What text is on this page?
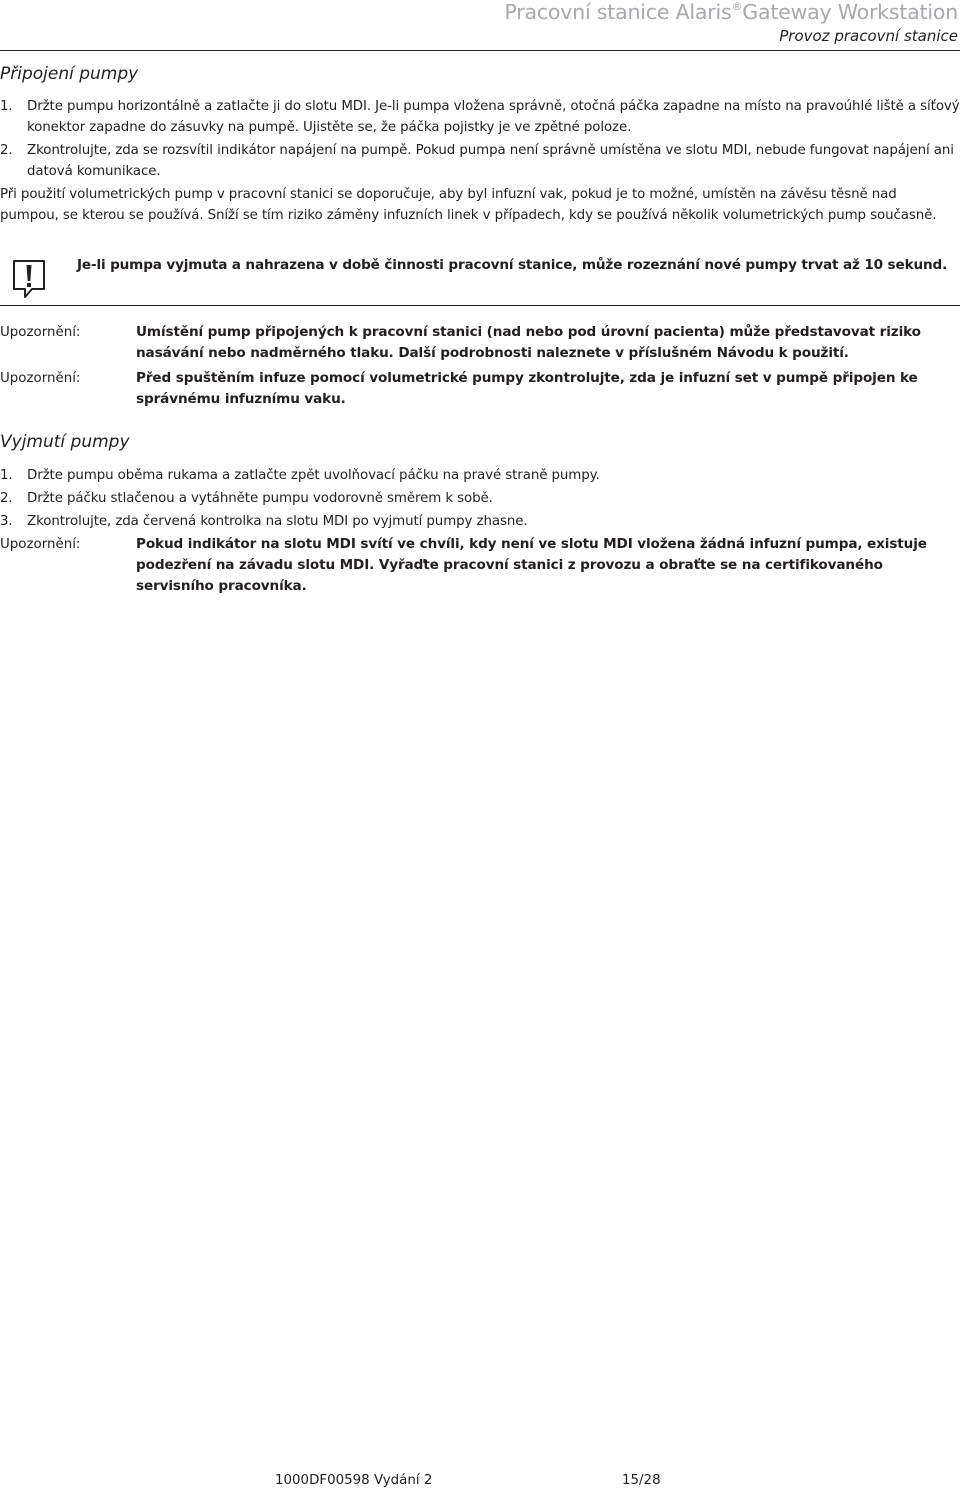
Pracovní stanice Alaris®Gateway Workstation
Provoz pracovní stanice
Připojení pumpy
1.	Držte pumpu horizontálně a zatlačte ji do slotu MDI. Je-li pumpa vložena správně, otočná páčka zapadne na místo na pravoúhlé liště a síťový konektor zapadne do zásuvky na pumpě. Ujistěte se, že páčka pojistky je ve zpětné poloze.
2.	Zkontrolujte, zda se rozsvítil indikátor napájení na pumpě. Pokud pumpa není správně umístěna ve slotu MDI, nebude fungovat napájení ani datová komunikace.
Při použití volumetrických pump v pracovní stanici se doporučuje, aby byl infuzní vak, pokud je to možné, umístěn na závěsu těsně nad pumpou, se kterou se používá. Sníží se tím riziko záměny infuzních linek v případech, kdy se používá několik volumetrických pump současně.
Je-li pumpa vyjmuta a nahrazena v době činnosti pracovní stanice, může rozeznání nové pumpy trvat až 10 sekund.
Upozornění:	Umístění pump připojených k pracovní stanici (nad nebo pod úrovní pacienta) může představovat riziko nasávání nebo nadměrného tlaku. Další podrobnosti naleznete v příslušném Návodu k použití.
Upozornění:	Před spuštěním infuze pomocí volumetrické pumpy zkontrolujte, zda je infuzní set v pumpě připojen ke správnému infuznímu vaku.
Vyjmutí pumpy
1.	Držte pumpu oběma rukama a zatlačte zpět uvolňovací páčku na pravé straně pumpy.
2.	Držte páčku stlačenou a vytáhněte pumpu vodorovně směrem k sobě.
3.	Zkontrolujte, zda červená kontrolka na slotu MDI po vyjmutí pumpy zhasne.
Upozornění:	Pokud indikátor na slotu MDI svítí ve chvíli, kdy není ve slotu MDI vložena žádná infuzní pumpa, existuje podezření na závadu slotu MDI. Vyřaďte pracovní stanici z provozu a obraťte se na certifikovaného servisního pracovníka.
1000DF00598 Vydání 2	15/28
